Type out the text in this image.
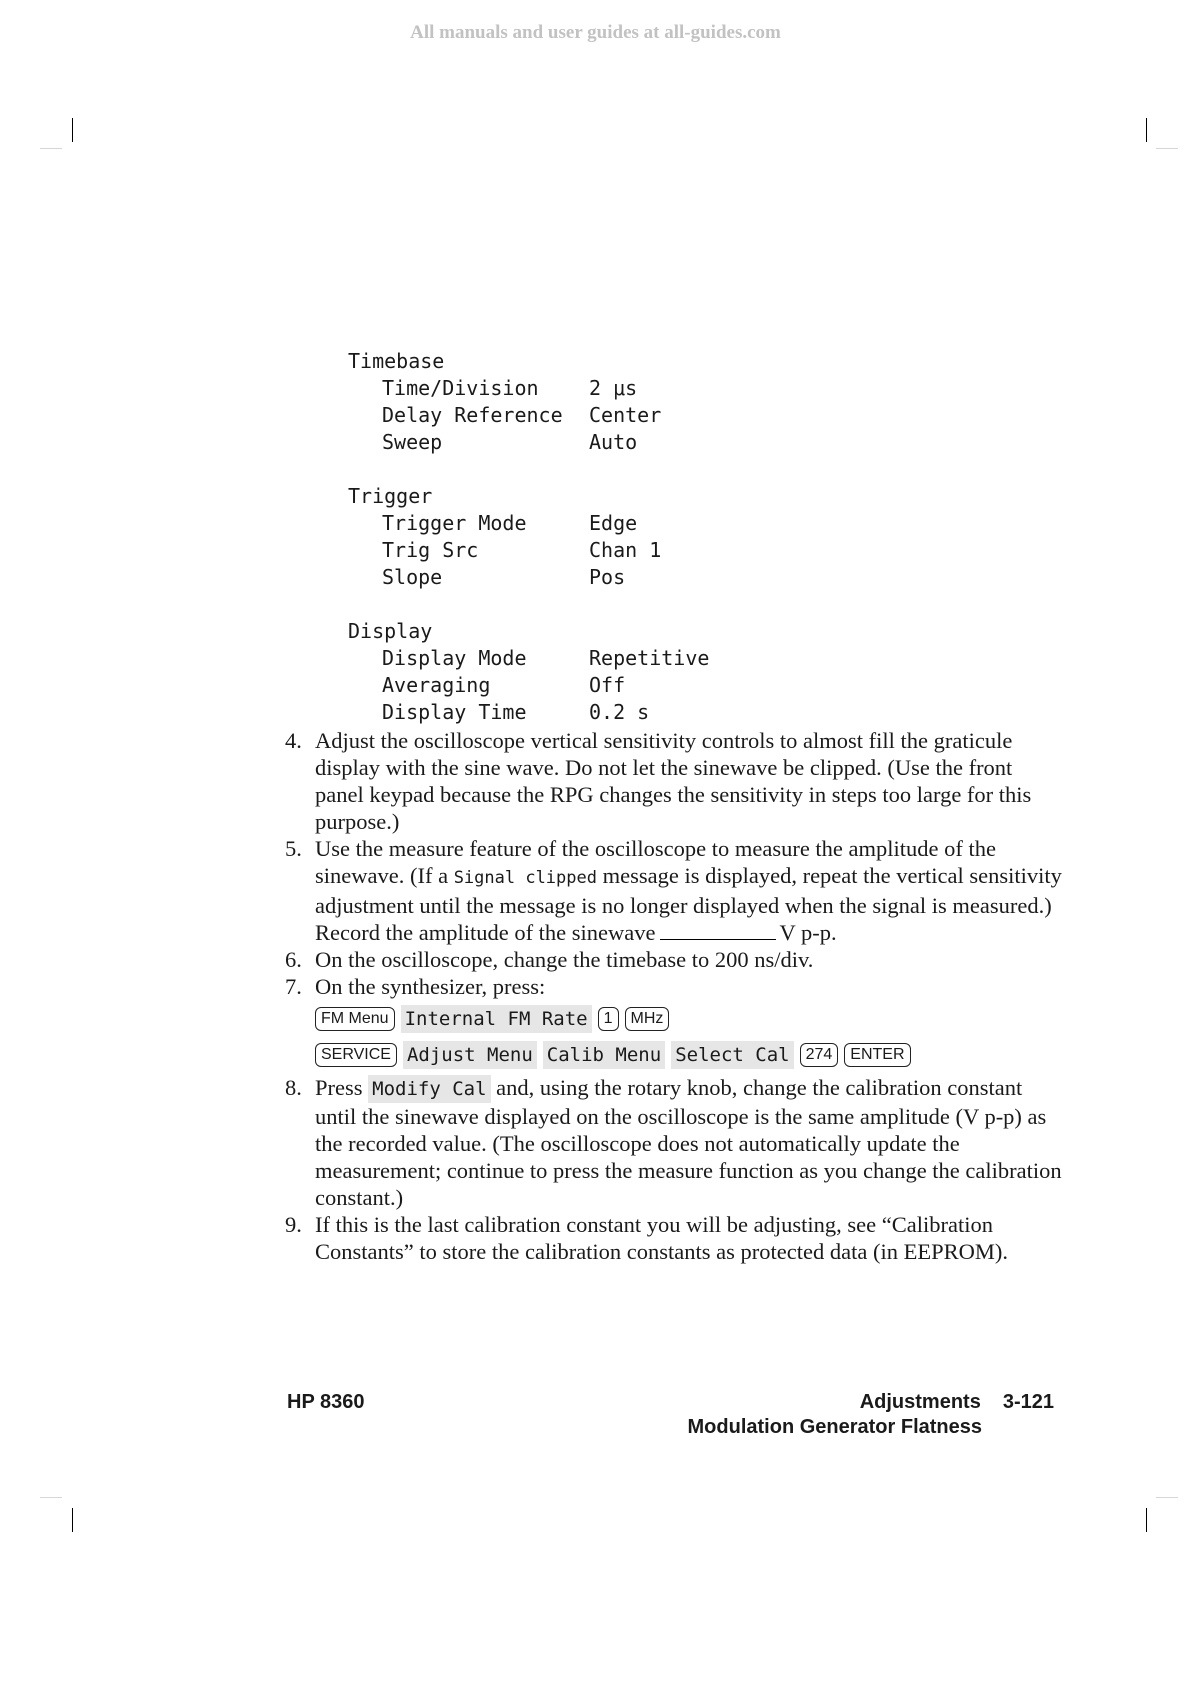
All manuals and user guides at all-guides.com
Timebase
Time/Division	2 μs
Delay Reference	Center
Sweep	Auto
Trigger
Trigger Mode	Edge
Trig Src	Chan 1
Slope	Pos
Display
Display Mode	Repetitive
Averaging	Off
Display Time	0.2 s
4. Adjust the oscilloscope vertical sensitivity controls to almost fill the graticule display with the sine wave. Do not let the sinewave be clipped. (Use the front panel keypad because the RPG changes the sensitivity in steps too large for this purpose.)

5. Use the measure feature of the oscilloscope to measure the amplitude of the sinewave. (If a Signal clipped message is displayed, repeat the vertical sensitivity adjustment until the message is no longer displayed when the signal is measured.)

Record the amplitude of the sinewave	V p-p.

6. On the oscilloscope, change the timebase to 200 ns/div.

7. On the synthesizer, press:

FM Menu Internal FM Rate	1	MHz
SERVICE Adjust Menu Calib Menu Select Cal	274	ENTER
8. Press Modify Cal and, using the rotary knob, change the calibration constant until the sinewave displayed on the oscilloscope is the same amplitude (V p-p) as the recorded value. (The oscilloscope does not automatically update the measurement; continue to press the measure function as you change the calibration constant.)

9. If this is the last calibration constant you will be adjusting, see “Calibration Constants” to store the calibration constants as protected data (in EEPROM).

HP 8360	Adjustments 3-121
Modulation Generator Flatness
